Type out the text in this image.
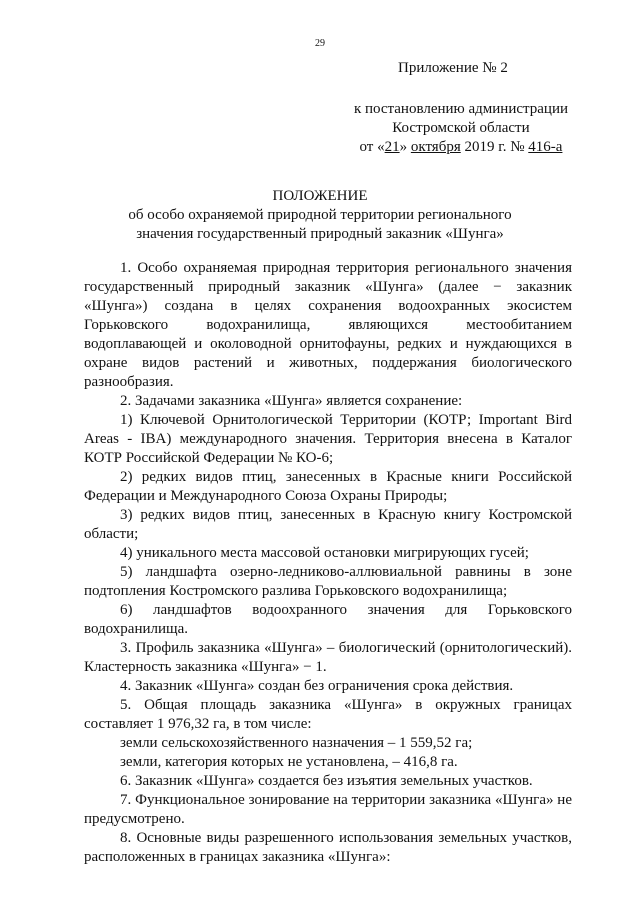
29
Приложение № 2
к постановлению администрации
Костромской области
от «21» октября 2019 г. № 416-а
ПОЛОЖЕНИЕ
об особо охраняемой природной территории регионального
значения государственный природный заказник «Шунга»

1. Особо охраняемая природная территория регионального значения государственный природный заказник «Шунга» (далее − заказник «Шунга») создана в целях сохранения водоохранных экосистем Горьковского водохранилища, являющихся местообитанием водоплавающей и околоводной орнитофауны, редких и нуждающихся в охране видов растений и животных, поддержания биологического разнообразия.

2. Задачами заказника «Шунга» является сохранение:

1) Ключевой Орнитологической Территории (КОТР; Important Bird Areas - IBA) международного значения. Территория внесена в Каталог КОТР Российской Федерации № КО-6;

2) редких видов птиц, занесенных в Красные книги Российской Федерации и Международного Союза Охраны Природы;

3) редких видов птиц, занесенных в Красную книгу Костромской области;

4) уникального места массовой остановки мигрирующих гусей;

5) ландшафта озерно-ледниково-аллювиальной равнины в зоне подтопления Костромского разлива Горьковского водохранилища;

6) ландшафтов водоохранного значения для Горьковского водохранилища.

3. Профиль заказника «Шунга» – биологический (орнитологический). Кластерность заказника «Шунга» − 1.

4. Заказник «Шунга» создан без ограничения срока действия.

5. Общая площадь заказника «Шунга» в окружных границах составляет 1 976,32 га, в том числе:

земли сельскохозяйственного назначения – 1 559,52 га;

земли, категория которых не установлена, – 416,8 га.

6. Заказник «Шунга» создается без изъятия земельных участков.

7. Функциональное зонирование на территории заказника «Шунга» не предусмотрено.

8. Основные виды разрешенного использования земельных участков, расположенных в границах заказника «Шунга»:
